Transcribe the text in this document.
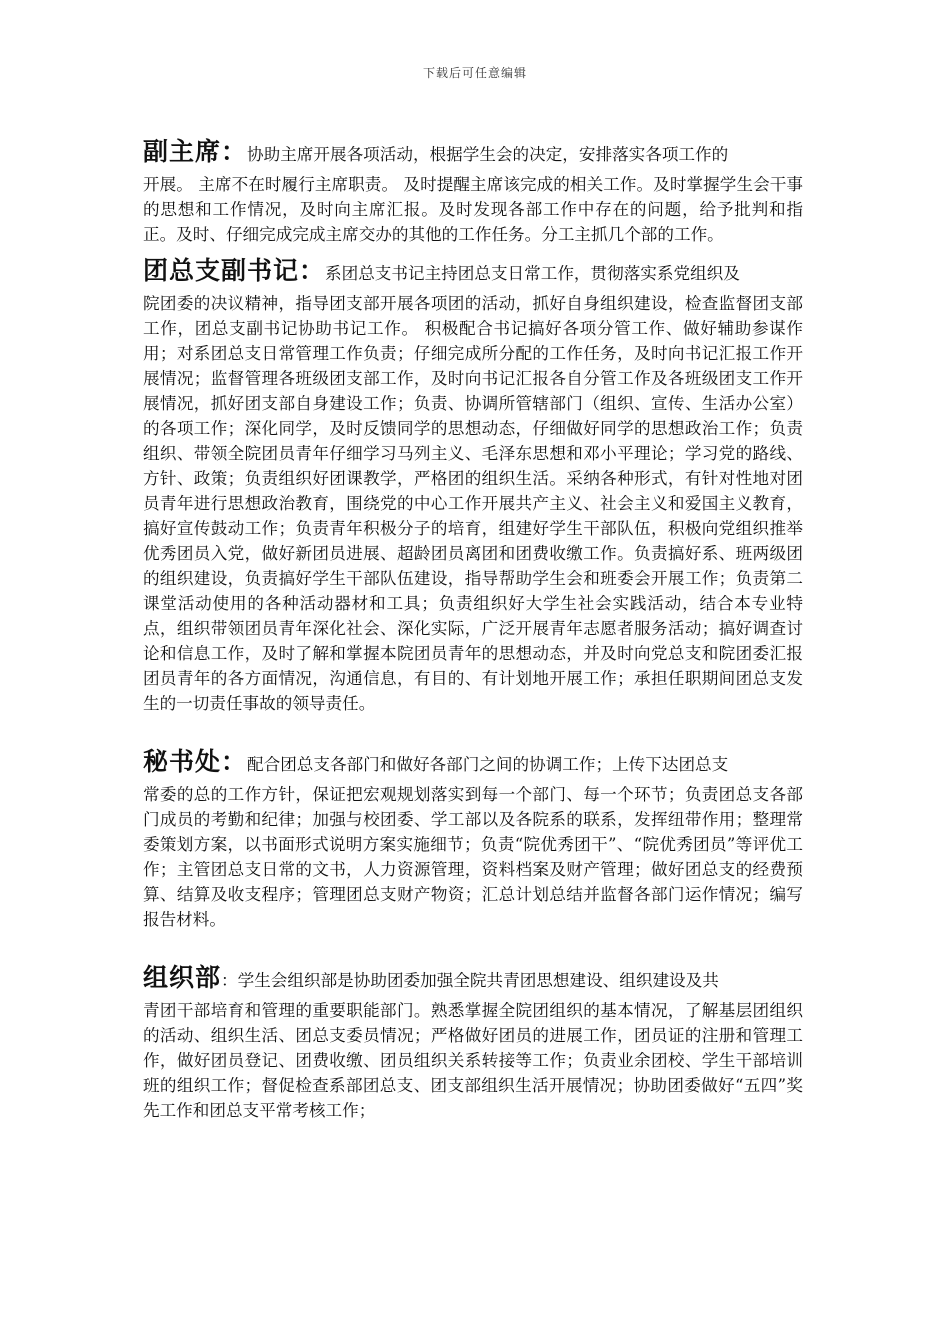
下载后可任意编辑
副主席：协助主席开展各项活动，根据学生会的决定，安排落实各项工作的
开展。 主席不在时履行主席职责。 及时提醒主席该完成的相关工作。及时掌握学生会干事的思想和工作情况，及时向主席汇报。及时发现各部工作中存在的问题，给予批判和指正。及时、仔细完成完成主席交办的其他的工作任务。分工主抓几个部的工作。
团总支副书记：系团总支书记主持团总支日常工作，贯彻落实系党组织及
院团委的决议精神，指导团支部开展各项团的活动，抓好自身组织建设，检查监督团支部工作，团总支副书记协助书记工作。 积极配合书记搞好各项分管工作、做好辅助参谋作用；对系团总支日常管理工作负责；仔细完成所分配的工作任务，及时向书记汇报工作开展情况；监督管理各班级团支部工作，及时向书记汇报各自分管工作及各班级团支工作开展情况，抓好团支部自身建设工作；负责、协调所管辖部门（组织、宣传、生活办公室）的各项工作；深化同学，及时反馈同学的思想动态，仔细做好同学的思想政治工作；负责组织、带领全院团员青年仔细学习马列主义、毛泽东思想和邓小平理论；学习党的路线、方针、政策；负责组织好团课教学，严格团的组织生活。采纳各种形式，有针对性地对团员青年进行思想政治教育，围绕党的中心工作开展共产主义、社会主义和爱国主义教育，搞好宣传鼓动工作；负责青年积极分子的培育，组建好学生干部队伍，积极向党组织推举优秀团员入党，做好新团员进展、超龄团员离团和团费收缴工作。负责搞好系、班两级团的组织建设，负责搞好学生干部队伍建设，指导帮助学生会和班委会开展工作；负责第二课堂活动使用的各种活动器材和工具；负责组织好大学生社会实践活动，结合本专业特点，组织带领团员青年深化社会、深化实际，广泛开展青年志愿者服务活动；搞好调查讨论和信息工作，及时了解和掌握本院团员青年的思想动态，并及时向党总支和院团委汇报团员青年的各方面情况，沟通信息，有目的、有计划地开展工作；承担任职期间团总支发生的一切责任事故的领导责任。
秘书处：配合团总支各部门和做好各部门之间的协调工作；上传下达团总支
常委的总的工作方针，保证把宏观规划落实到每一个部门、每一个环节；负责团总支各部门成员的考勤和纪律；加强与校团委、学工部以及各院系的联系，发挥纽带作用；整理常委策划方案，以书面形式说明方案实施细节；负责“院优秀团干”、“院优秀团员”等评优工作；主管团总支日常的文书，人力资源管理，资料档案及财产管理；做好团总支的经费预算、结算及收支程序；管理团总支财产物资；汇总计划总结并监督各部门运作情况；编写报告材料。
组织部：学生会组织部是协助团委加强全院共青团思想建设、组织建设及共
青团干部培育和管理的重要职能部门。熟悉掌握全院团组织的基本情况，了解基层团组织的活动、组织生活、团总支委员情况；严格做好团员的进展工作，团员证的注册和管理工作，做好团员登记、团费收缴、团员组织关系转接等工作；负责业余团校、学生干部培训班的组织工作；督促检查系部团总支、团支部组织生活开展情况；协助团委做好“五四”奖先工作和团总支平常考核工作；
